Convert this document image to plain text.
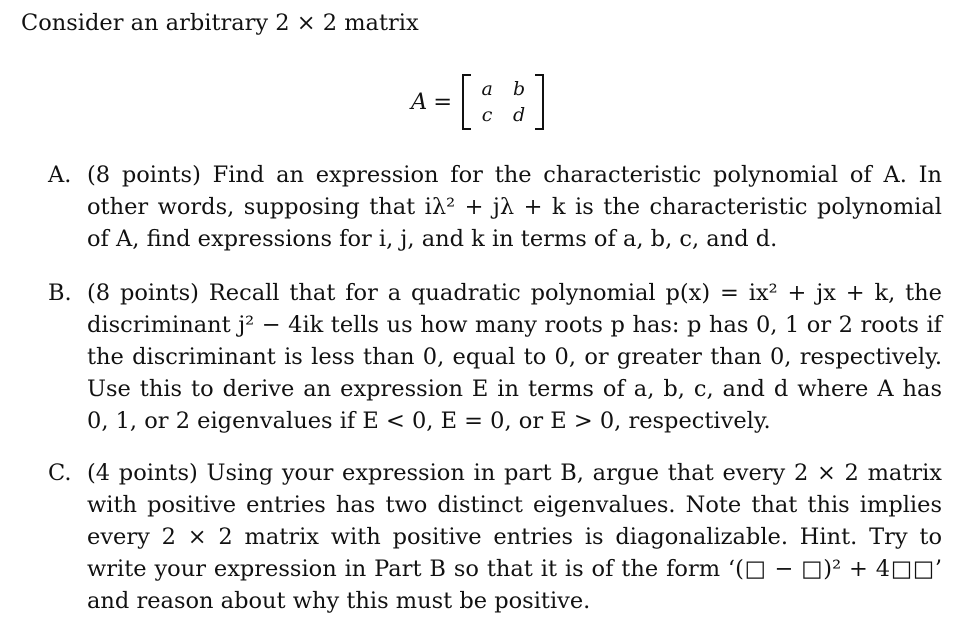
Consider an arbitrary 2 × 2 matrix
A =	a	b
c	d
A. (8 points) Find an expression for the characteristic polynomial of A. In
other words, supposing that iλ² + jλ + k is the characteristic polynomial
of A, find expressions for i, j, and k in terms of a, b, c, and d.
B. (8 points) Recall that for a quadratic polynomial p(x) = ix² + jx + k, the
discriminant j² − 4ik tells us how many roots p has: p has 0, 1 or 2 roots if
the discriminant is less than 0, equal to 0, or greater than 0, respectively.
Use this to derive an expression E in terms of a, b, c, and d where A has
0, 1, or 2 eigenvalues if E < 0, E = 0, or E > 0, respectively.
C. (4 points) Using your expression in part B, argue that every 2 × 2 matrix
with positive entries has two distinct eigenvalues. Note that this implies
every 2 × 2 matrix with positive entries is diagonalizable. Hint. Try to
write your expression in Part B so that it is of the form ‘(□ − □)² + 4□□’
and reason about why this must be positive.
